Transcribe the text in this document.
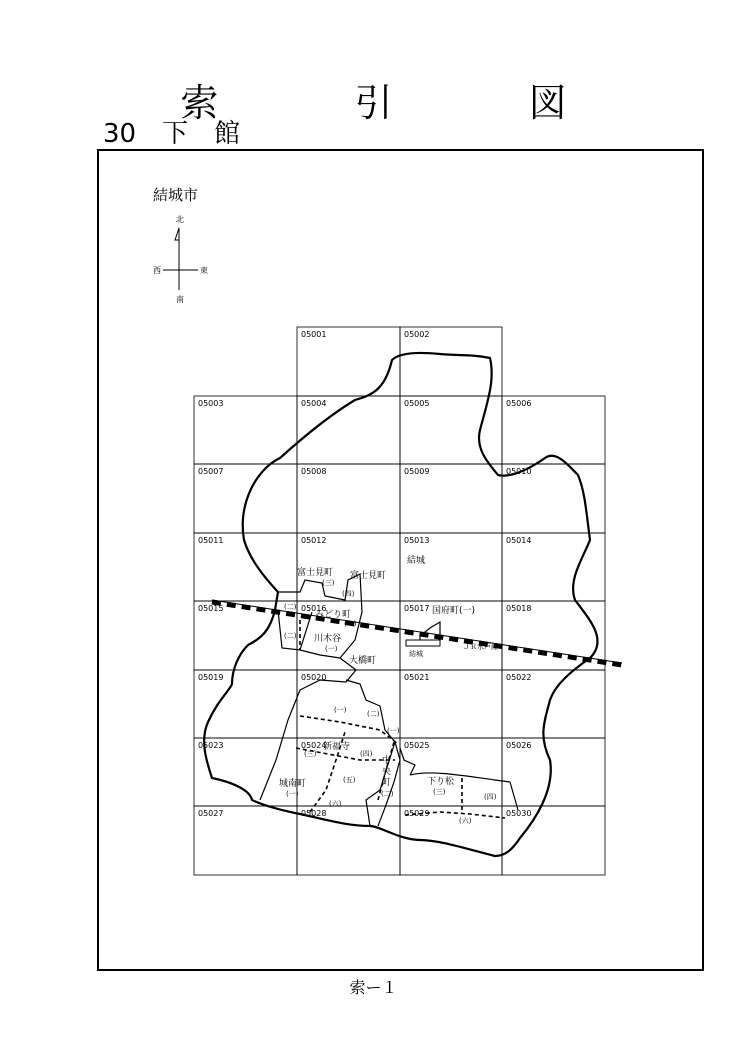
索 引 図
30　下　館
結城市
北
南
東
西
05001	05002
05003	05004	05005	05006
05007	05008	05009	05010
05011	05012	05013	05014
05015	05016	05017	05018
05019	05020	05021	05022
05023	05024	05025	05026
05027	05028	05029	05030
結城
富士見町
(三)
富士見町
(四)
みどり町
(一)
(二)
(二) 川木谷
(一)
国府町(一)
結城
ＪＲ水戸線
大橋町
(一)	(二)
(一)
新福寺
(三)	(四)
(五)
(六)
中
央
町
(二)
下り松
(三)
(四)
(六)
城南町
(一)
索ー１
